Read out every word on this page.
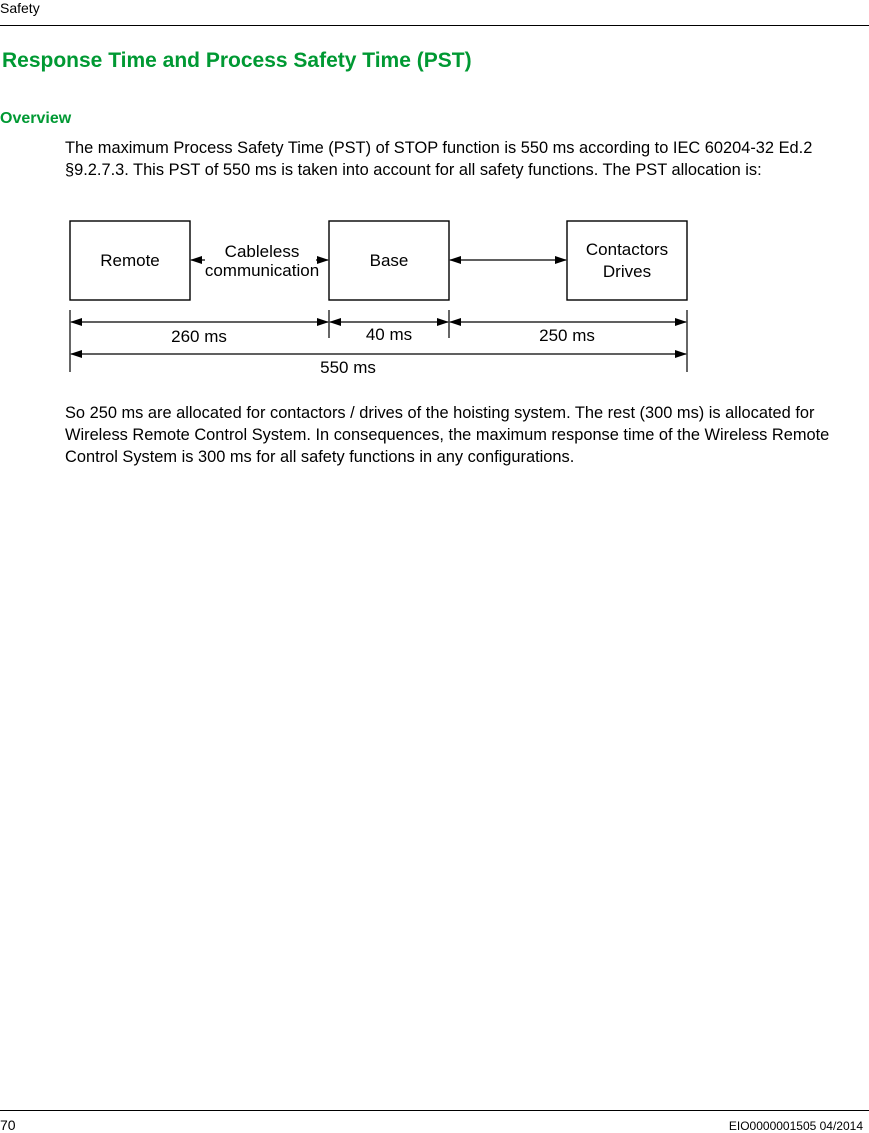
Safety
Response Time and Process Safety Time (PST)
Overview

The maximum Process Safety Time (PST) of STOP function is 550 ms according to IEC 60204-32 Ed.2 §9.2.7.3. This PST of 550 ms is taken into account for all safety functions. The PST allocation is:

Remote	Base
Contactors
Drives
Cableless
communication
260 ms	40 ms	250 ms
550 ms

So 250 ms are allocated for contactors / drives of the hoisting system. The rest (300 ms) is allocated for Wireless Remote Control System. In consequences, the maximum response time of the Wireless Remote Control System is 300 ms for all safety functions in any configurations.

70	EIO0000001505 04/2014
